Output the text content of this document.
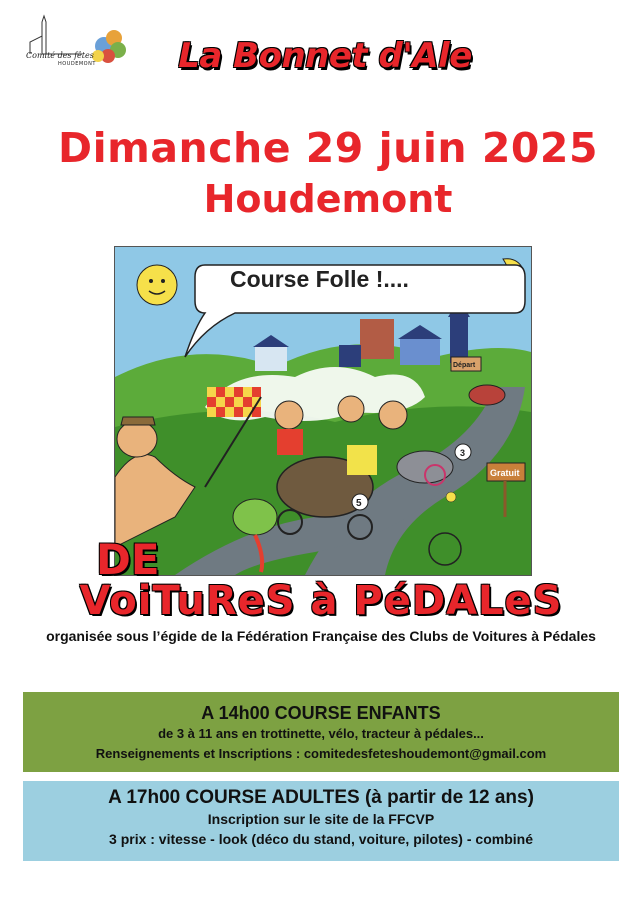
Comité des fêtes
HOUDEMONT	La Bonnet d'Ale
Dimanche 29 juin 2025
Houdemont
5
3
Départ
Gratuit
Course Folle !....
DE
VoiTuReS à PéDALeS
organisée sous l’égide de la Fédération Française des Clubs de Voitures à Pédales
A 14h00 COURSE ENFANTS
de 3 à 11 ans en trottinette, vélo, tracteur à pédales...
Renseignements et Inscriptions : comitedesfeteshoudemont@gmail.com
A 17h00 COURSE ADULTES (à partir de 12 ans)
Inscription sur le site de la FFCVP
3 prix : vitesse - look (déco du stand, voiture, pilotes) - combiné
